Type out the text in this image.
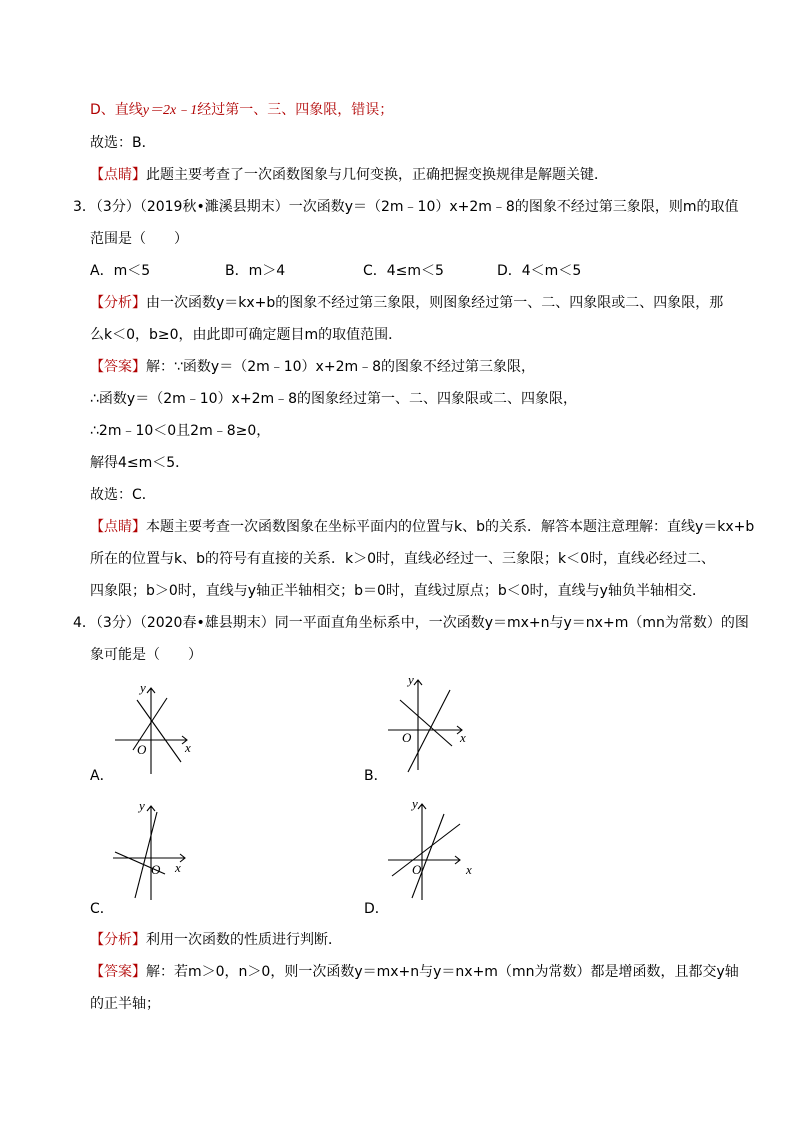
D、直线y＝2x﹣1经过第一、三、四象限，错误；
故选：B．
【点睛】此题主要考查了一次函数图象与几何变换，正确把握变换规律是解题关键．
3．（3分）（2019秋•濉溪县期末）一次函数y＝（2m﹣10）x+2m﹣8的图象不经过第三象限，则m的取值
范围是（　　）
A．m＜5	B．m＞4	C．4≤m＜5	D．4＜m＜5
【分析】由一次函数y＝kx+b的图象不经过第三象限，则图象经过第一、二、四象限或二、四象限，那
么k＜0，b≥0，由此即可确定题目m的取值范围．
【答案】解：∵函数y＝（2m﹣10）x+2m﹣8的图象不经过第三象限，
∴函数y＝（2m﹣10）x+2m﹣8的图象经过第一、二、四象限或二、四象限，
∴2m﹣10＜0且2m﹣8≥0，
解得4≤m＜5．
故选：C．
【点睛】本题主要考查一次函数图象在坐标平面内的位置与k、b的关系．解答本题注意理解：直线y＝kx+b
所在的位置与k、b的符号有直接的关系．k＞0时，直线必经过一、三象限；k＜0时，直线必经过二、
四象限；b＞0时，直线与y轴正半轴相交；b＝0时，直线过原点；b＜0时，直线与y轴负半轴相交．
4．（3分）（2020春•雄县期末）同一平面直角坐标系中，一次函数y＝mx+n与y＝nx+m（mn为常数）的图
象可能是（　　）
x
y
O
A．
x
y
O
B．
x
y
O
C．
x
y
O
D．
【分析】利用一次函数的性质进行判断．
【答案】解：若m＞0，n＞0，则一次函数y＝mx+n与y＝nx+m（mn为常数）都是增函数，且都交y轴
的正半轴；
